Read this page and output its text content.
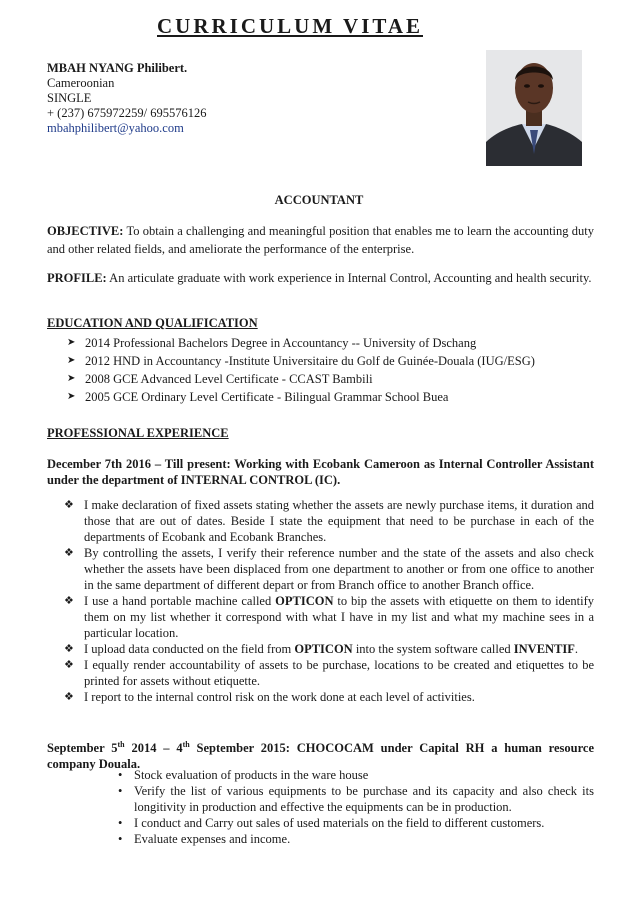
CURRICULUM VITAE
MBAH NYANG Philibert.
Cameroonian
SINGLE
+ (237) 675972259/ 695576126
mbahphilibert@yahoo.com
ACCOUNTANT
OBJECTIVE: To obtain a challenging and meaningful position that enables me to learn the accounting duty and other related fields, and ameliorate the performance of the enterprise.
PROFILE: An articulate graduate with work experience in Internal Control, Accounting and health security.
EDUCATION AND QUALIFICATION
➤ 2014 Professional Bachelors Degree in Accountancy -- University of Dschang
➤ 2012 HND in Accountancy -Institute Universitaire du Golf de Guinée-Douala (IUG/ESG)
➤ 2008 GCE Advanced Level Certificate - CCAST Bambili
➤ 2005 GCE Ordinary Level Certificate - Bilingual Grammar School Buea
PROFESSIONAL EXPERIENCE
December 7th 2016 – Till present: Working with Ecobank Cameroon as Internal Controller Assistant under the department of INTERNAL CONTROL (IC).
❖ I make declaration of fixed assets stating whether the assets are newly purchase items, it duration and those that are out of dates. Beside I state the equipment that need to be purchase in each of the departments of Ecobank and Ecobank Branches.
❖ By controlling the assets, I verify their reference number and the state of the assets and also check whether the assets have been displaced from one department to another or from one office to another in the same department of different depart or from Branch office to another Branch office.
❖ I use a hand portable machine called OPTICON to bip the assets with etiquette on them to identify them on my list whether it correspond with what I have in my list and what my machine sees in a particular location.
❖ I upload data conducted on the field from OPTICON into the system software called INVENTIF.
❖ I equally render accountability of assets to be purchase, locations to be created and etiquettes to be printed for assets without etiquette.
❖ I report to the internal control risk on the work done at each level of activities.
September 5th 2014 – 4th September 2015: CHOCOCAM under Capital RH a human resource company Douala.
• Stock evaluation of products in the ware house
• Verify the list of various equipments to be purchase and its capacity and also check its longitivity in production and effective the equipments can be in production.
• I conduct and Carry out sales of used materials on the field to different customers.
• Evaluate expenses and income.
